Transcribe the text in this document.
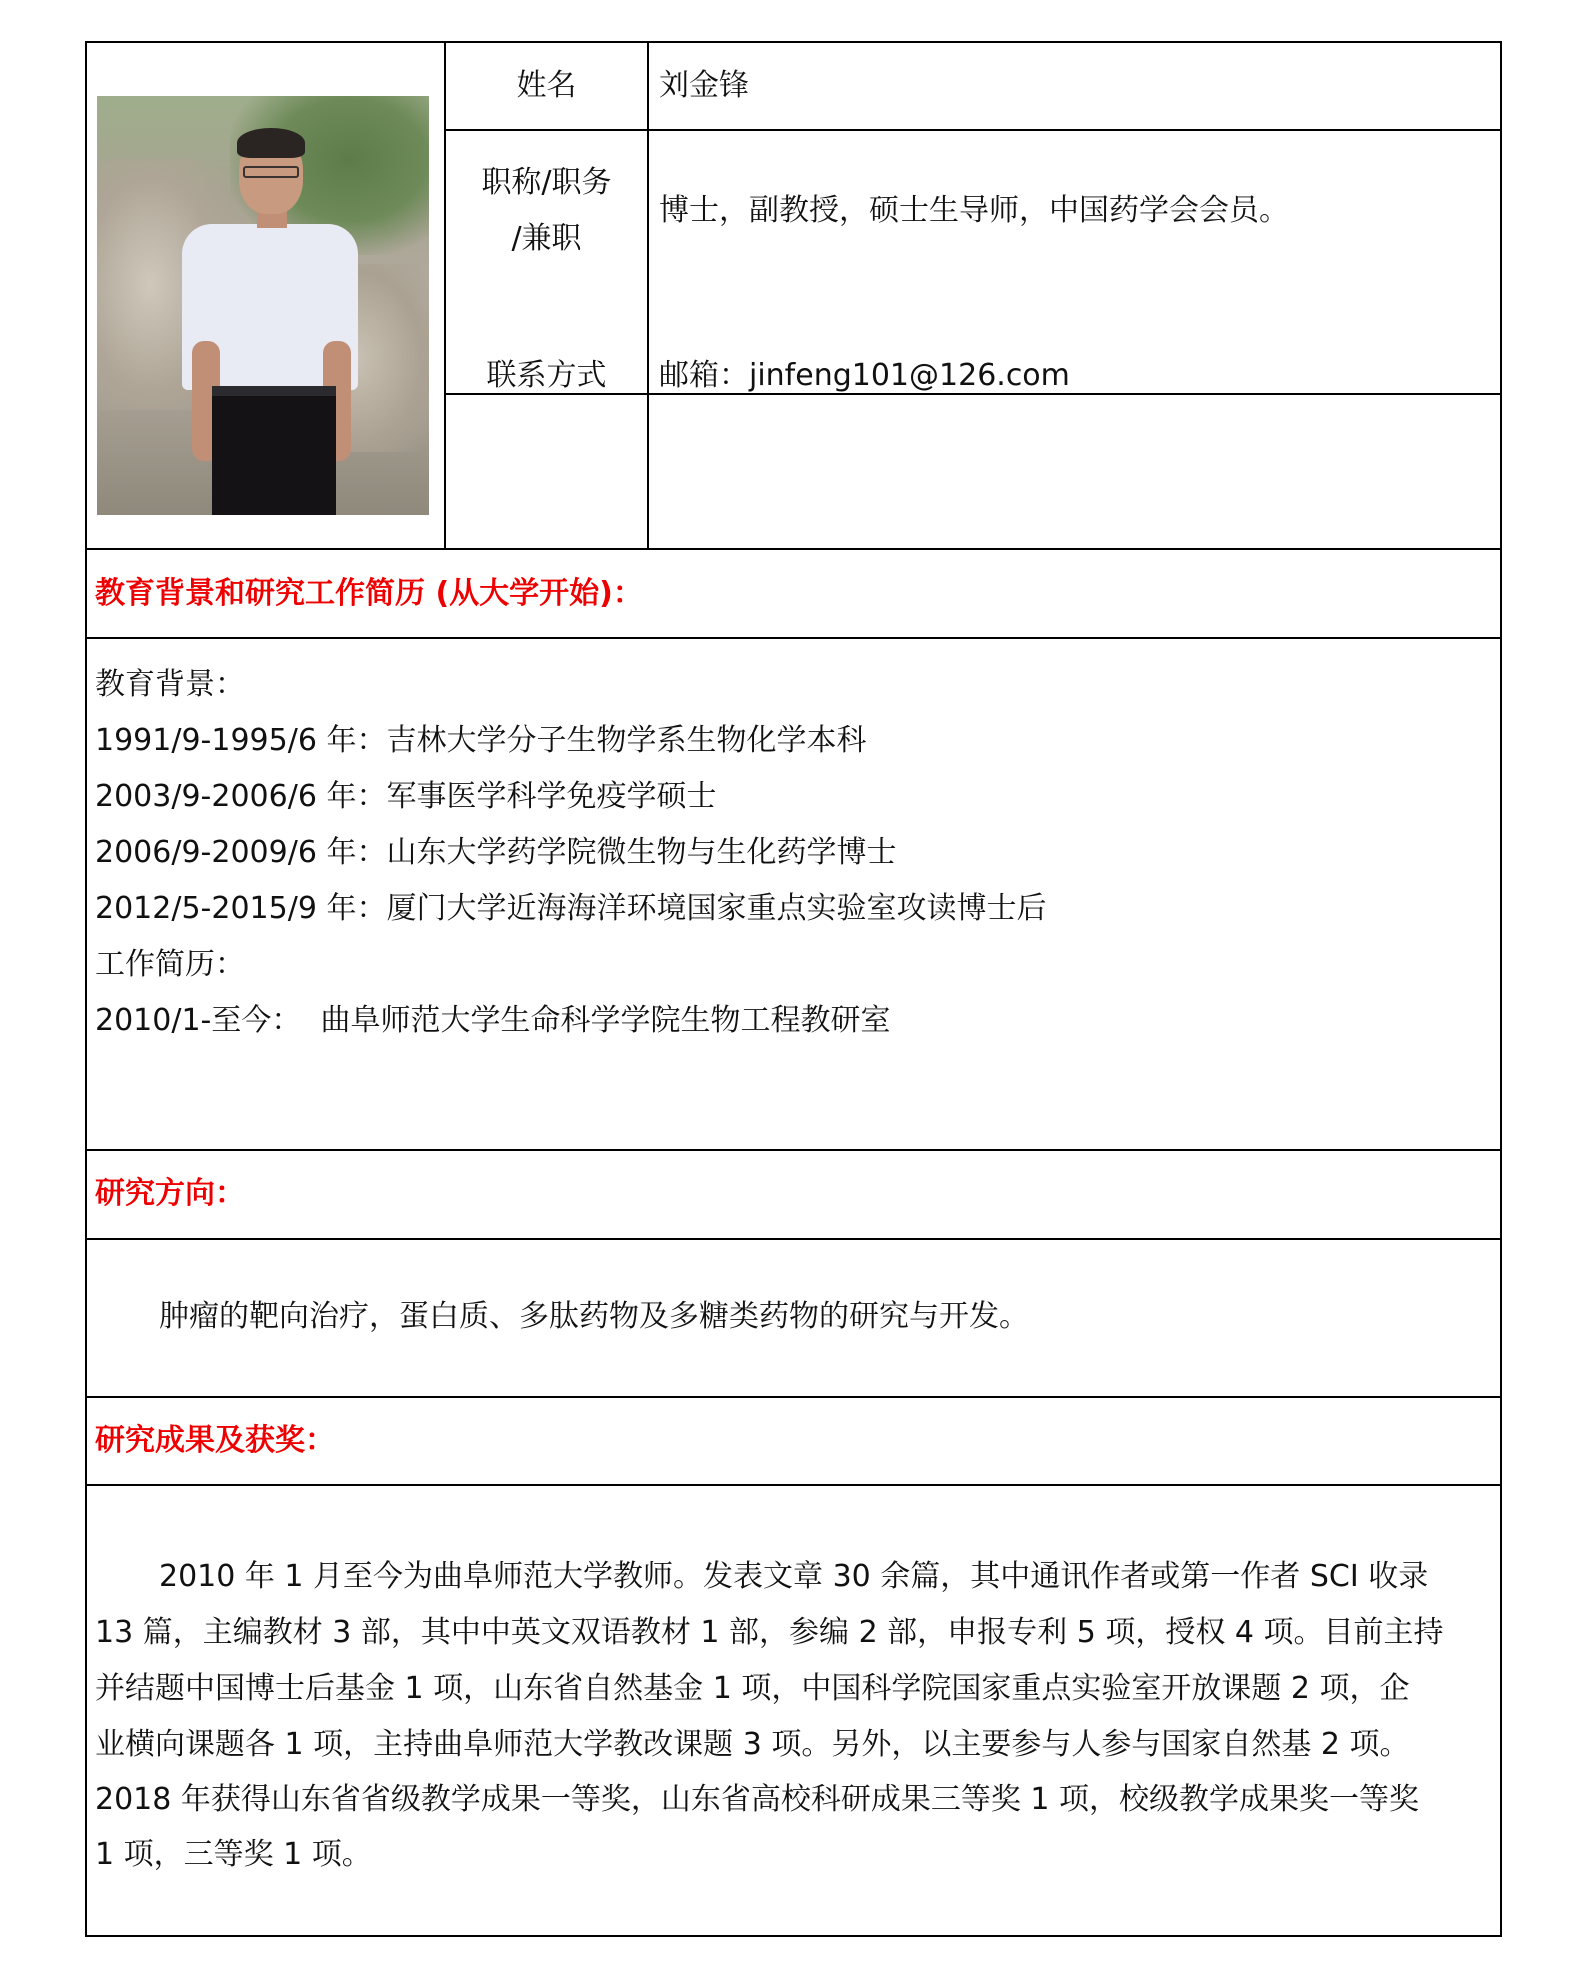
姓名	刘金锋
职称/职务
/兼职
博士，副教授，硕士生导师，中国药学会会员。
联系方式	邮箱：jinfeng101@126.com
教育背景和研究工作简历 (从大学开始)：
教育背景：
1991/9-1995/6 年：吉林大学分子生物学系生物化学本科
2003/9-2006/6 年：军事医学科学免疫学硕士
2006/9-2009/6 年：山东大学药学院微生物与生化药学博士
2012/5-2015/9 年：厦门大学近海海洋环境国家重点实验室攻读博士后
工作简历：
2010/1-至今：  曲阜师范大学生命科学学院生物工程教研室
研究方向：
肿瘤的靶向治疗，蛋白质、多肽药物及多糖类药物的研究与开发。
研究成果及获奖：
2010 年 1 月至今为曲阜师范大学教师。发表文章 30 余篇，其中通讯作者或第一作者 SCI 收录
13 篇，主编教材 3 部，其中中英文双语教材 1 部，参编 2 部，申报专利 5 项，授权 4 项。目前主持
并结题中国博士后基金 1 项，山东省自然基金 1 项，中国科学院国家重点实验室开放课题 2 项，企
业横向课题各 1 项，主持曲阜师范大学教改课题 3 项。另外，以主要参与人参与国家自然基 2 项。
2018 年获得山东省省级教学成果一等奖，山东省高校科研成果三等奖 1 项，校级教学成果奖一等奖
1 项，三等奖 1 项。
